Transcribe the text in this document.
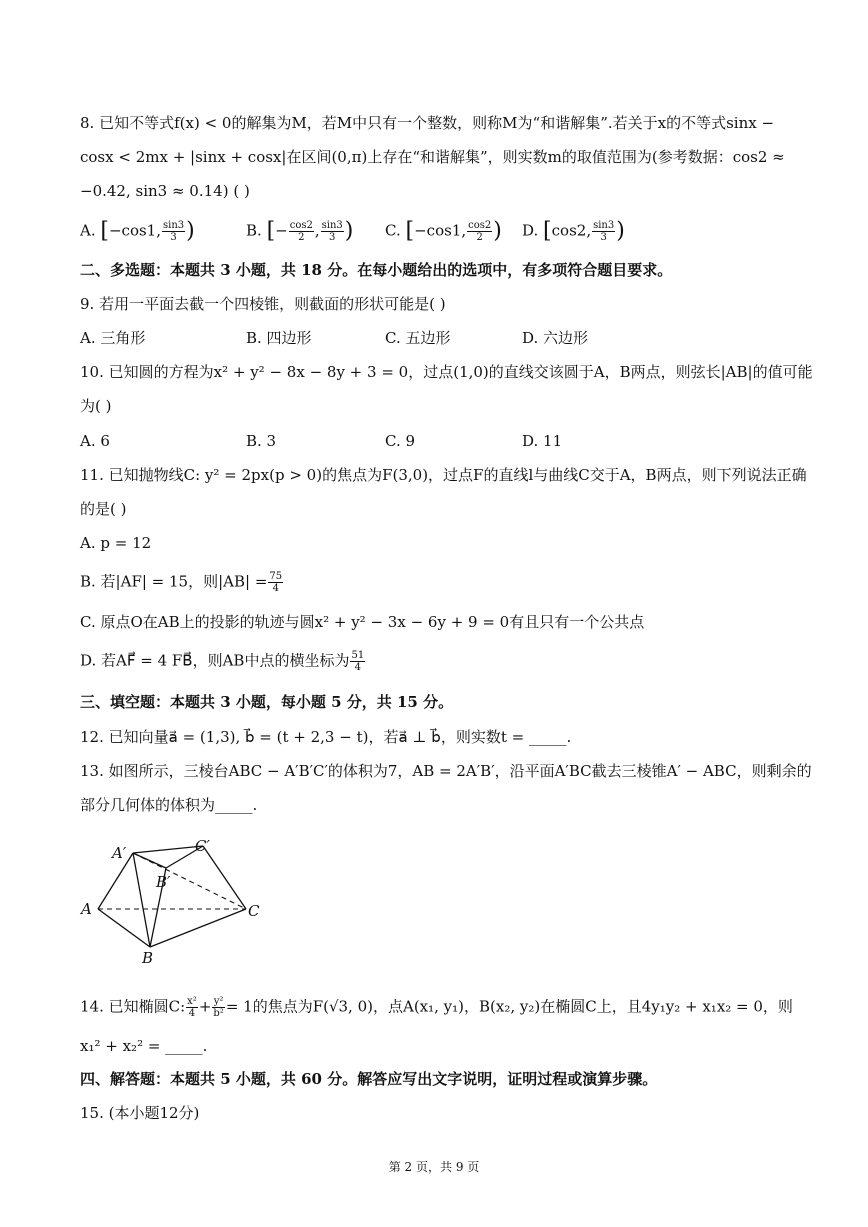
8. 已知不等式f(x) < 0的解集为M，若M中只有一个整数，则称M为“和谐解集”.若关于x的不等式sinx −
cosx < 2mx + |sinx + cosx|在区间(0,π)上存在“和谐解集”，则实数m的取值范围为(参考数据：cos2 ≈
−0.42, sin3 ≈ 0.14) ( )
A. [−cos1, $\frac{\sin 3}{3}$ )	B. [− $\frac{\cos 2}{2}$ , $\frac{\sin 3}{3}$ ) C. [−cos1, $\frac{\cos 2}{2}$ ) D. [cos2, $\frac{\sin 3}{3}$ )
二、多选题：本题共 3 小题，共 18 分。在每小题给出的选项中，有多项符合题目要求。
9. 若用一平面去截一个四棱锥，则截面的形状可能是( )
A. 三角形	B. 四边形	C. 五边形	D. 六边形
10. 已知圆的方程为x² + y² − 8x − 8y + 3 = 0，过点(1,0)的直线交该圆于A，B两点，则弦长|AB|的值可能
为( )
A. 6	B. 3	C. 9	D. 11
11. 已知抛物线C: y² = 2px(p > 0)的焦点为F(3,0)，过点F的直线l与曲线C交于A，B两点，则下列说法正确
的是( )
A. p = 12
B. 若|AF| = 15，则$|AB| = \frac{75}{4}$
C. 原点O在AB上的投影的轨迹与圆x² + y² − 3x − 6y + 9 = 0有且只有一个公共点
D. 若AF⃗ = 4 FB⃗，则AB中点的横坐标为 $\frac{51}{4}$
三、填空题：本题共 3 小题，每小题 5 分，共 15 分。
12. 已知向量a⃗ = (1,3), b⃗ = (t + 2,3 − t)，若a⃗ ⊥ b⃗，则实数t = _____.
13. 如图所示，三棱台ABC − A′B′C′的体积为7，AB = 2A′B′，沿平面A′BC截去三棱锥A′ − ABC，则剩余的
部分几何体的体积为_____.
A′	C′
B′
A	C
B
14. 已知椭圆C: $\frac{\text{x²}}{4} + \frac{\text{y²}}{\text{b²}} = 1$的焦点为F(√3, 0)，点A(x₁, y₁)，B(x₂, y₂)在椭圆C上，且4y₁y₂ + x₁x₂ = 0，则
x₁² + x₂² = _____.
四、解答题：本题共 5 小题，共 60 分。解答应写出文字说明，证明过程或演算步骤。
15. (本小题12分)
第 2 页，共 9 页
